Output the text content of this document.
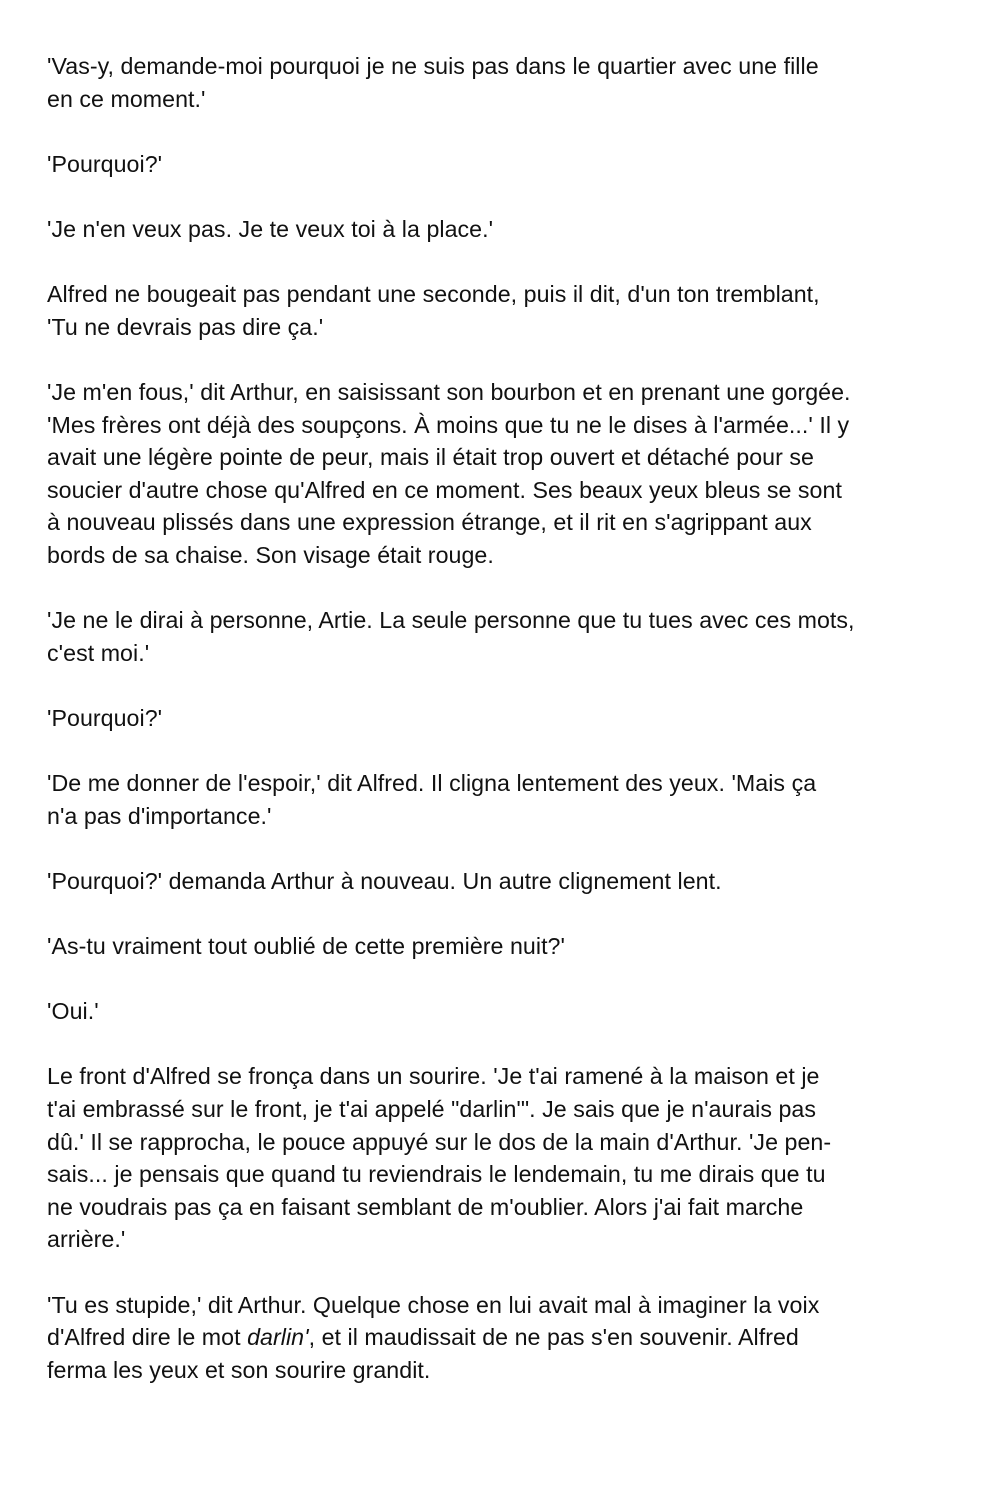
'Vas-y, demande-moi pourquoi je ne suis pas dans le quartier avec une fille
en ce moment.'

'Pourquoi?'

'Je n'en veux pas. Je te veux toi à la place.'

Alfred ne bougeait pas pendant une seconde, puis il dit, d'un ton tremblant,
'Tu ne devrais pas dire ça.'

'Je m'en fous,' dit Arthur, en saisissant son bourbon et en prenant une gorgée.
'Mes frères ont déjà des soupçons. À moins que tu ne le dises à l'armée...' Il y
avait une légère pointe de peur, mais il était trop ouvert et détaché pour se
soucier d'autre chose qu'Alfred en ce moment. Ses beaux yeux bleus se sont
à nouveau plissés dans une expression étrange, et il rit en s'agrippant aux
bords de sa chaise. Son visage était rouge.

'Je ne le dirai à personne, Artie. La seule personne que tu tues avec ces mots,
c'est moi.'

'Pourquoi?'

'De me donner de l'espoir,' dit Alfred. Il cligna lentement des yeux. 'Mais ça
n'a pas d'importance.'

'Pourquoi?' demanda Arthur à nouveau. Un autre clignement lent.

'As-tu vraiment tout oublié de cette première nuit?'

'Oui.'

Le front d'Alfred se fronça dans un sourire. 'Je t'ai ramené à la maison et je
t'ai embrassé sur le front, je t'ai appelé "darlin'". Je sais que je n'aurais pas
dû.' Il se rapprocha, le pouce appuyé sur le dos de la main d'Arthur. 'Je pen-
sais... je pensais que quand tu reviendrais le lendemain, tu me dirais que tu
ne voudrais pas ça en faisant semblant de m'oublier. Alors j'ai fait marche
arrière.'

'Tu es stupide,' dit Arthur. Quelque chose en lui avait mal à imaginer la voix
d'Alfred dire le mot darlin', et il maudissait de ne pas s'en souvenir. Alfred
ferma les yeux et son sourire grandit.
